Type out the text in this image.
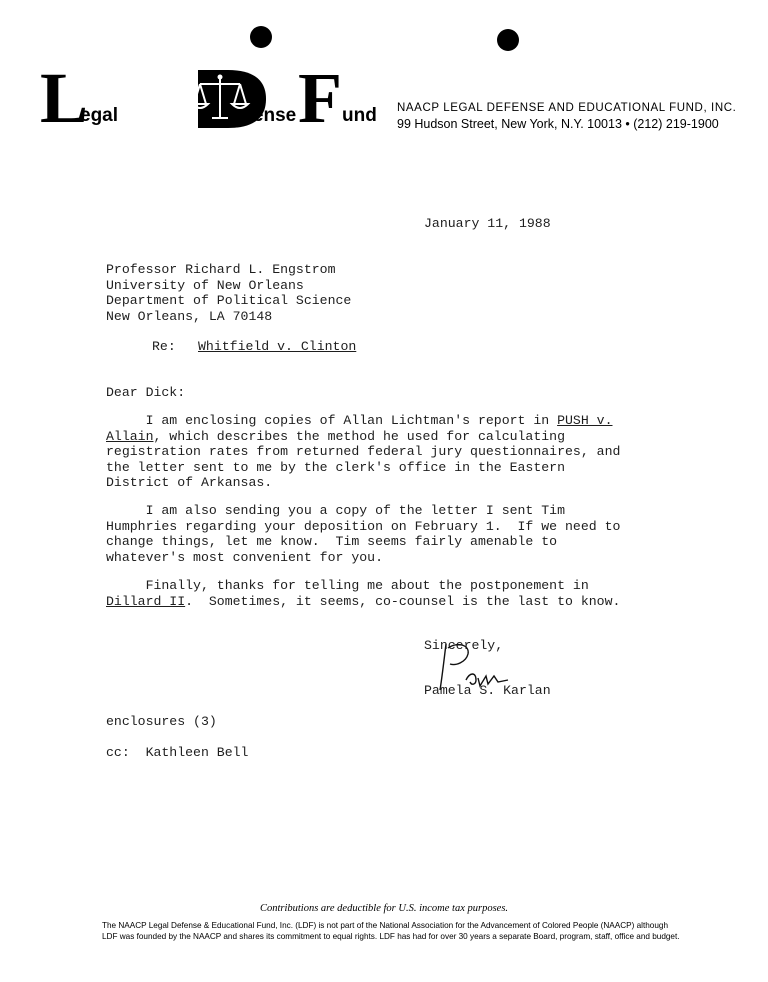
L
egal	efense F und NAACP LEGAL DEFENSE AND EDUCATIONAL FUND, INC.
99 Hudson Street, New York, N.Y. 10013 • (212) 219-1900
January 11, 1988
Professor Richard L. Engstrom
University of New Orleans
Department of Political Science
New Orleans, LA 70148
Re: Whitfield v. Clinton
Dear Dick:
I am enclosing copies of Allan Lichtman's report in PUSH v.
Allain, which describes the method he used for calculating
registration rates from returned federal jury questionnaires, and
the letter sent to me by the clerk's office in the Eastern
District of Arkansas.
I am also sending you a copy of the letter I sent Tim
Humphries regarding your deposition on February 1.  If we need to
change things, let me know.  Tim seems fairly amenable to
whatever's most convenient for you.
Finally, thanks for telling me about the postponement in
Dillard II.  Sometimes, it seems, co-counsel is the last to know.
Sincerely,
Pamela S. Karlan
enclosures (3)
cc:  Kathleen Bell
Contributions are deductible for U.S. income tax purposes.
The NAACP Legal Defense & Educational Fund, Inc. (LDF) is not part of the National Association for the Advancement of Colored People (NAACP) although
LDF was founded by the NAACP and shares its commitment to equal rights. LDF has had for over 30 years a separate Board, program, staff, office and budget.
